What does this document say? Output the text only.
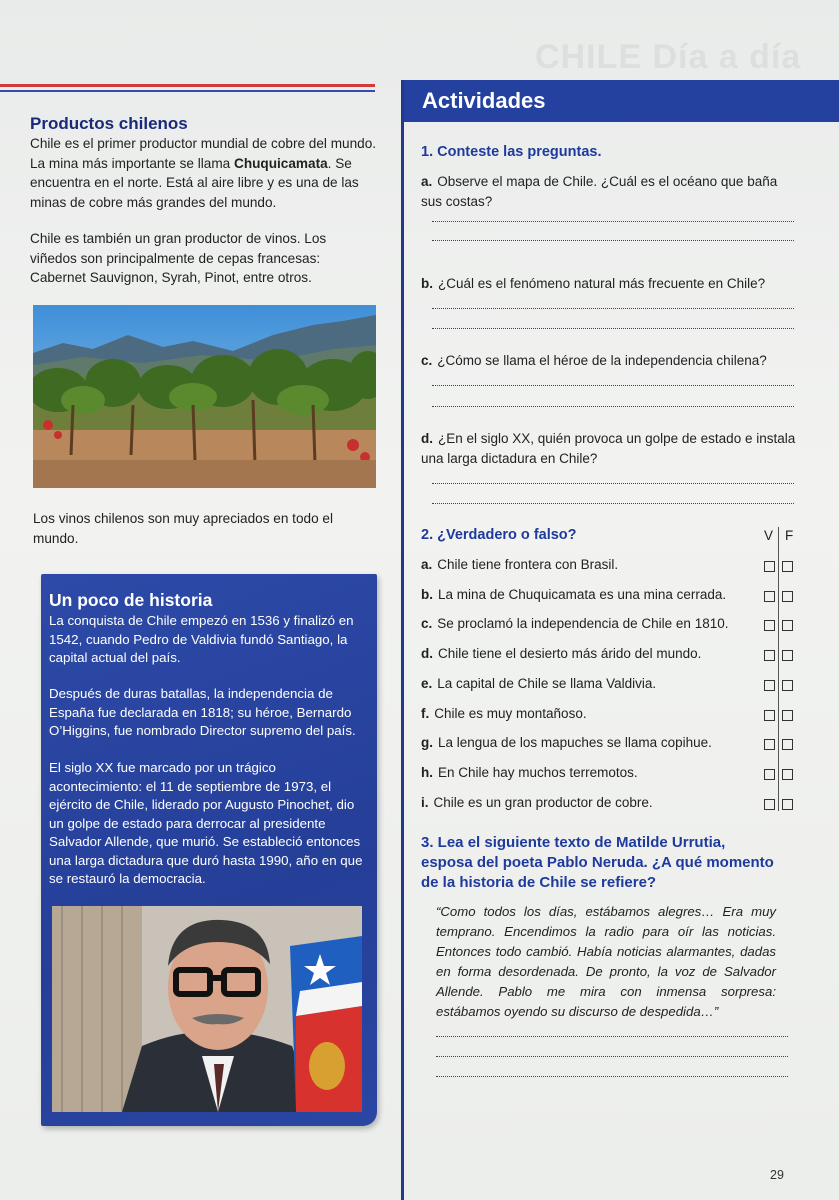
CHILE Día a día
Productos chilenos

Chile es el primer productor mundial de cobre del mundo. La mina más importante se llama Chuquicamata. Se encuentra en el norte. Está al aire libre y es una de las minas de cobre más grandes del mundo.

Chile es también un gran productor de vinos. Los viñedos son principalmente de cepas francesas: Cabernet Sauvignon, Syrah, Pinot, entre otros.

Los vinos chilenos son muy apreciados en todo el mundo.

Un poco de historia

La conquista de Chile empezó en 1536 y finalizó en 1542, cuando Pedro de Valdivia fundó Santiago, la capital actual del país.

Después de duras batallas, la independencia de España fue declarada en 1818; su héroe, Bernardo O’Higgins, fue nombrado Director supremo del país.

El siglo XX fue marcado por un trágico acontecimiento: el 11 de septiembre de 1973, el ejército de Chile, liderado por Augusto Pinochet, dio un golpe de estado para derrocar al presidente Salvador Allende, que murió. Se estableció entonces una larga dictadura que duró hasta 1990, año en que se restauró la democracia.

Actividades
1. Conteste las preguntas.

a. Observe el mapa de Chile. ¿Cuál es el océano que baña sus costas?

b. ¿Cuál es el fenómeno natural más frecuente en Chile?

c. ¿Cómo se llama el héroe de la independencia chilena?

d. ¿En el siglo XX, quién provoca un golpe de estado e instala una larga dictadura en Chile?

2. ¿Verdadero o falso?	V F

a. Chile tiene frontera con Brasil.

b. La mina de Chuquicamata es una mina cerrada.

c. Se proclamó la independencia de Chile en 1810.

d. Chile tiene el desierto más árido del mundo.

e. La capital de Chile se llama Valdivia.

f. Chile es muy montañoso.

g. La lengua de los mapuches se llama copihue.

h. En Chile hay muchos terremotos.

i. Chile es un gran productor de cobre.

3. Lea el siguiente texto de Matilde Urrutia, esposa del poeta Pablo Neruda. ¿A qué momento de la historia de Chile se refiere?

“Como todos los días, estábamos alegres… Era muy temprano. Encendimos la radio para oír las noticias. Entonces todo cambió. Había noticias alarmantes, dadas en forma desordenada. De pronto, la voz de Salvador Allende. Pablo me mira con inmensa sorpresa: estábamos oyendo su discurso de despedida…”

29
